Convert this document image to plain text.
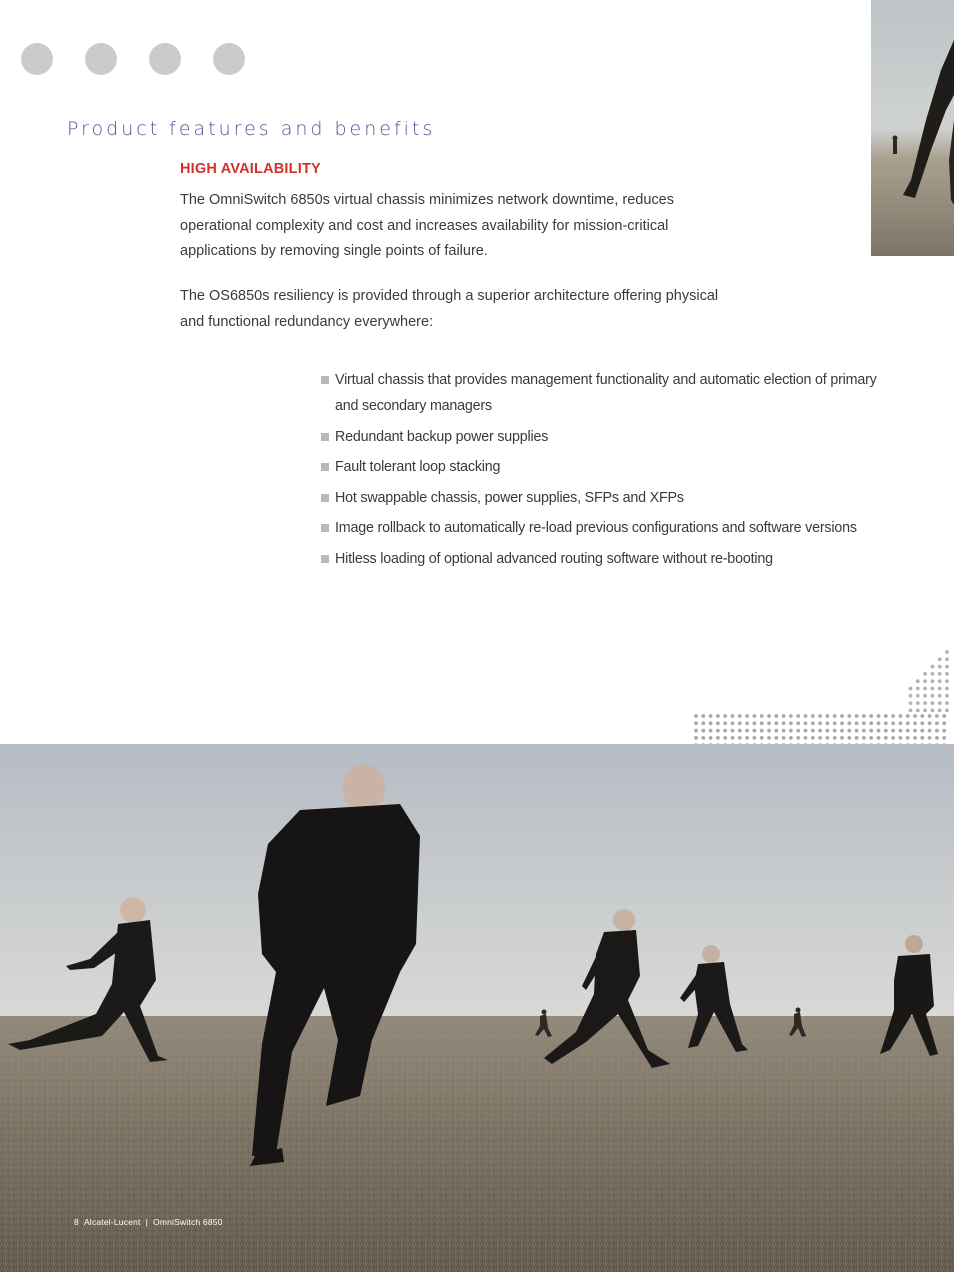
Product features and benefits
HIGH AVAILABILITY

The OmniSwitch 6850s virtual chassis minimizes network downtime, reduces operational complexity and cost and increases availability for mission-critical applications by removing single points of failure.

The OS6850s resiliency is provided through a superior architecture offering physical and functional redundancy everywhere:

Virtual chassis that provides management functionality and automatic election of primary and secondary managers
Redundant backup power supplies
Fault tolerant loop stacking
Hot swappable chassis, power supplies, SFPs and XFPs
Image rollback to automatically re-load previous configurations and software versions
Hitless loading of optional advanced routing software without re-booting
8 Alcatel-Lucent | OmniSwitch 6850
